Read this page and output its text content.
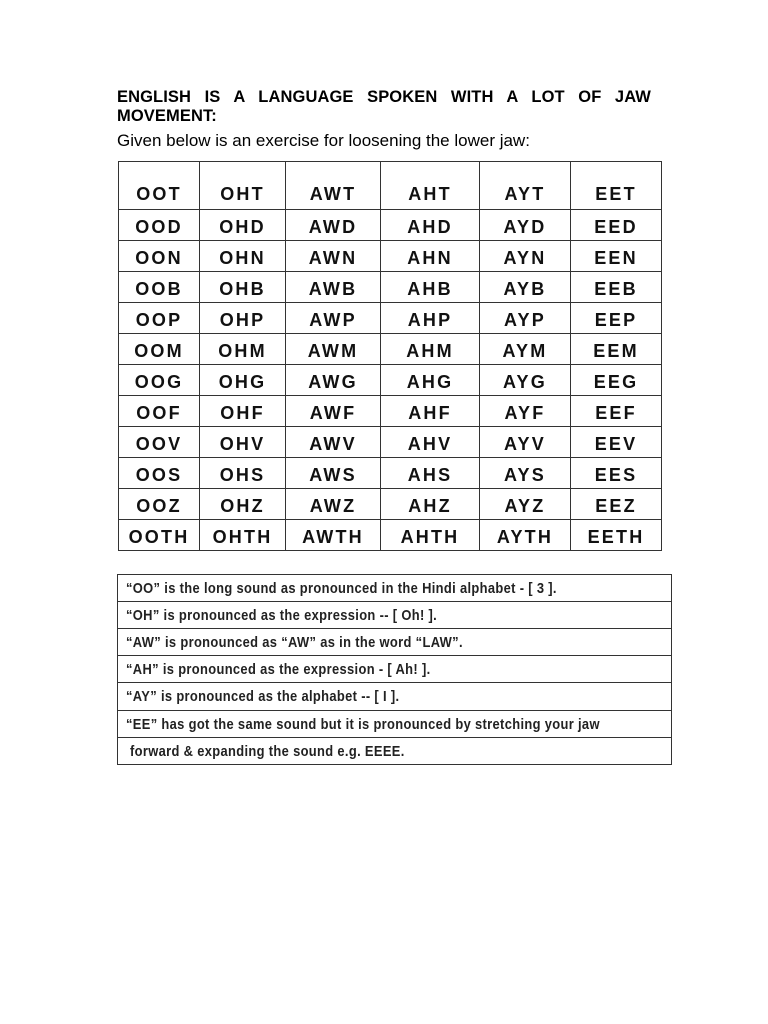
ENGLISH IS A LANGUAGE SPOKEN WITH A LOT OF JAW MOVEMENT:
Given below is an exercise for loosening the lower jaw:
OOT	OHT	AWT	AHT	AYT	EET
OOD	OHD	AWD	AHD	AYD	EED
OON	OHN	AWN	AHN	AYN	EEN
OOB	OHB	AWB	AHB	AYB	EEB
OOP	OHP	AWP	AHP	AYP	EEP
OOM	OHM	AWM	AHM	AYM	EEM
OOG	OHG	AWG	AHG	AYG	EEG
OOF	OHF	AWF	AHF	AYF	EEF
OOV	OHV	AWV	AHV	AYV	EEV
OOS	OHS	AWS	AHS	AYS	EES
OOZ	OHZ	AWZ	AHZ	AYZ	EEZ
OOTH	OHTH	AWTH	AHTH	AYTH	EETH
“OO” is the long sound as pronounced in the Hindi alphabet - [ 3 ].
“OH” is pronounced as the expression -- [ Oh! ].
“AW” is pronounced as “AW” as in the word “LAW”.
“AH” is pronounced as the expression - [ Ah! ].
“AY” is pronounced as the alphabet -- [ I ].
“EE” has got the same sound but it is pronounced by stretching your jaw
forward & expanding the sound e.g. EEEE.
